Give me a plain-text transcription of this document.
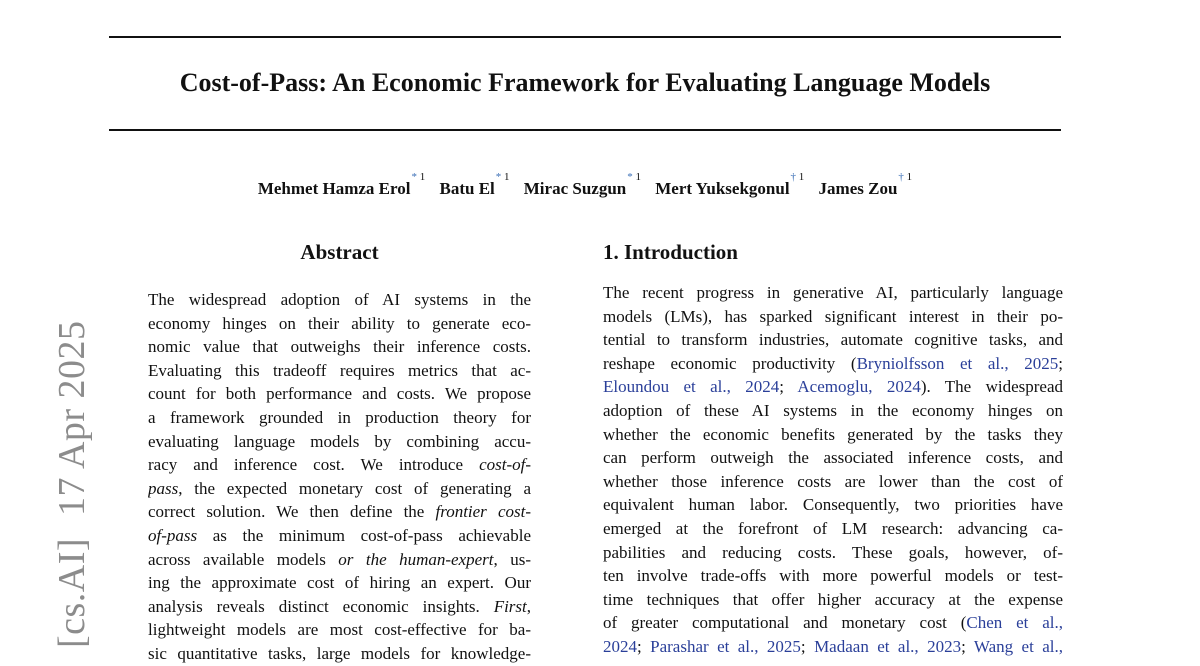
Cost-of-Pass: An Economic Framework for Evaluating Language Models
Mehmet Hamza Erol$^{* 1}$ Batu El$^{* 1}$ Mirac Suzgun$^{* 1}$ Mert Yuksekgonul$^{\dagger 1}$ James Zou$^{\dagger 1}$
[cs.AI]17 Apr 2025
Abstract

The widespread adoption of AI systems in the
economy hinges on their ability to generate eco-
nomic value that outweighs their inference costs.
Evaluating this tradeoff requires metrics that ac-
count for both performance and costs. We propose
a framework grounded in production theory for
evaluating language models by combining accu-
racy and inference cost. We introduce cost-of-
pass, the expected monetary cost of generating a
correct solution. We then define the frontier cost-
of-pass as the minimum cost-of-pass achievable
across available models or the human-expert, us-
ing the approximate cost of hiring an expert. Our
analysis reveals distinct economic insights. First,
lightweight models are most cost-effective for ba-
sic quantitative tasks, large models for knowledge-

1. Introduction

The recent progress in generative AI, particularly language
models (LMs), has sparked significant interest in their po-
tential to transform industries, automate cognitive tasks, and
reshape economic productivity (Bryniolfsson et al., 2025;
Eloundou et al., 2024; Acemoglu, 2024). The widespread
adoption of these AI systems in the economy hinges on
whether the economic benefits generated by the tasks they
can perform outweigh the associated inference costs, and
whether those inference costs are lower than the cost of
equivalent human labor. Consequently, two priorities have
emerged at the forefront of LM research: advancing ca-
pabilities and reducing costs. These goals, however, of-
ten involve trade-offs with more powerful models or test-
time techniques that offer higher accuracy at the expense
of greater computational and monetary cost (Chen et al.,
2024; Parashar et al., 2025; Madaan et al., 2023; Wang et al.,
